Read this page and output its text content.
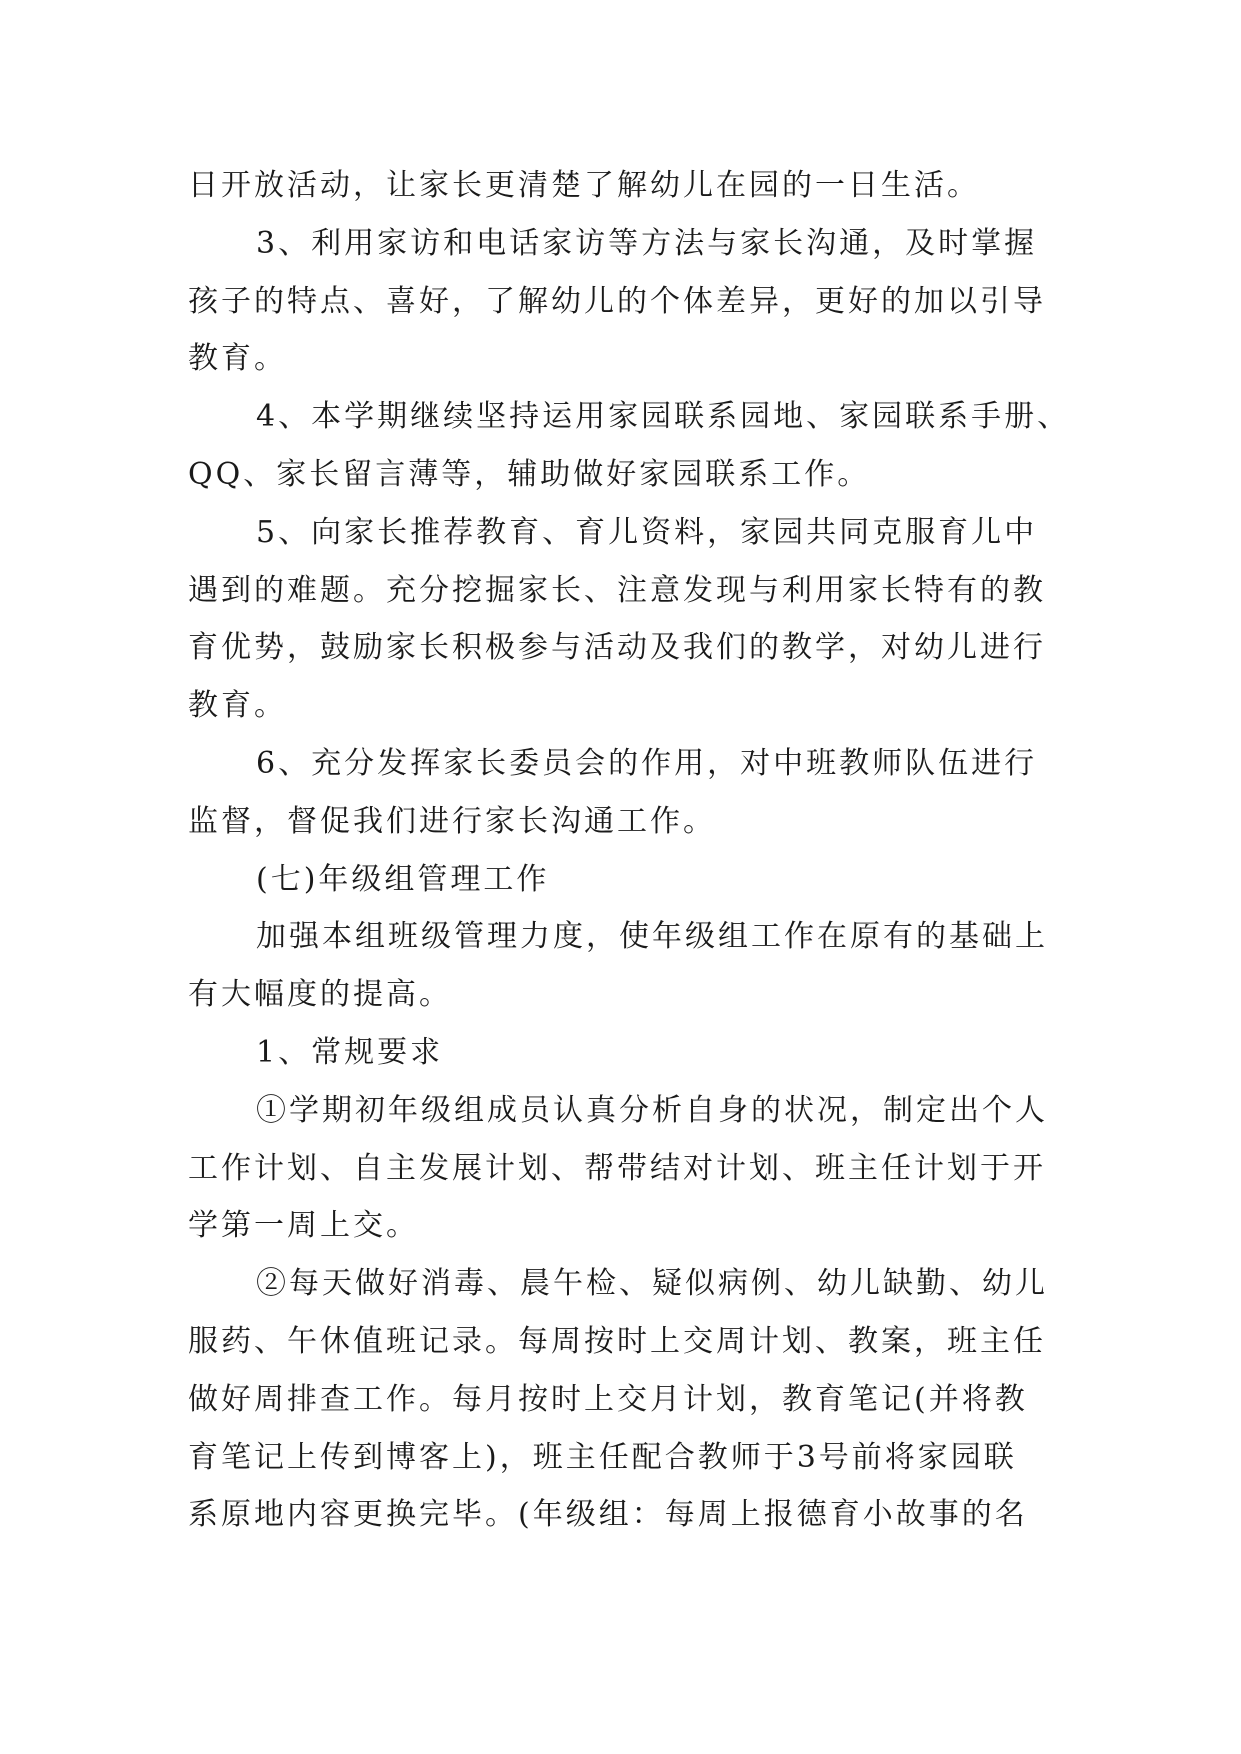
日开放活动，让家长更清楚了解幼儿在园的一日生活。
3、利用家访和电话家访等方法与家长沟通，及时掌握
孩子的特点、喜好，了解幼儿的个体差异，更好的加以引导
教育。
4、本学期继续坚持运用家园联系园地、家园联系手册、
QQ、家长留言薄等，辅助做好家园联系工作。
5、向家长推荐教育、育儿资料，家园共同克服育儿中
遇到的难题。充分挖掘家长、注意发现与利用家长特有的教
育优势，鼓励家长积极参与活动及我们的教学，对幼儿进行
教育。
6、充分发挥家长委员会的作用，对中班教师队伍进行
监督，督促我们进行家长沟通工作。
(七)年级组管理工作
加强本组班级管理力度，使年级组工作在原有的基础上
有大幅度的提高。
1、常规要求
①学期初年级组成员认真分析自身的状况，制定出个人
工作计划、自主发展计划、帮带结对计划、班主任计划于开
学第一周上交。
②每天做好消毒、晨午检、疑似病例、幼儿缺勤、幼儿
服药、午休值班记录。每周按时上交周计划、教案，班主任
做好周排查工作。每月按时上交月计划，教育笔记(并将教
育笔记上传到博客上)，班主任配合教师于3号前将家园联
系原地内容更换完毕。(年级组：每周上报德育小故事的名
